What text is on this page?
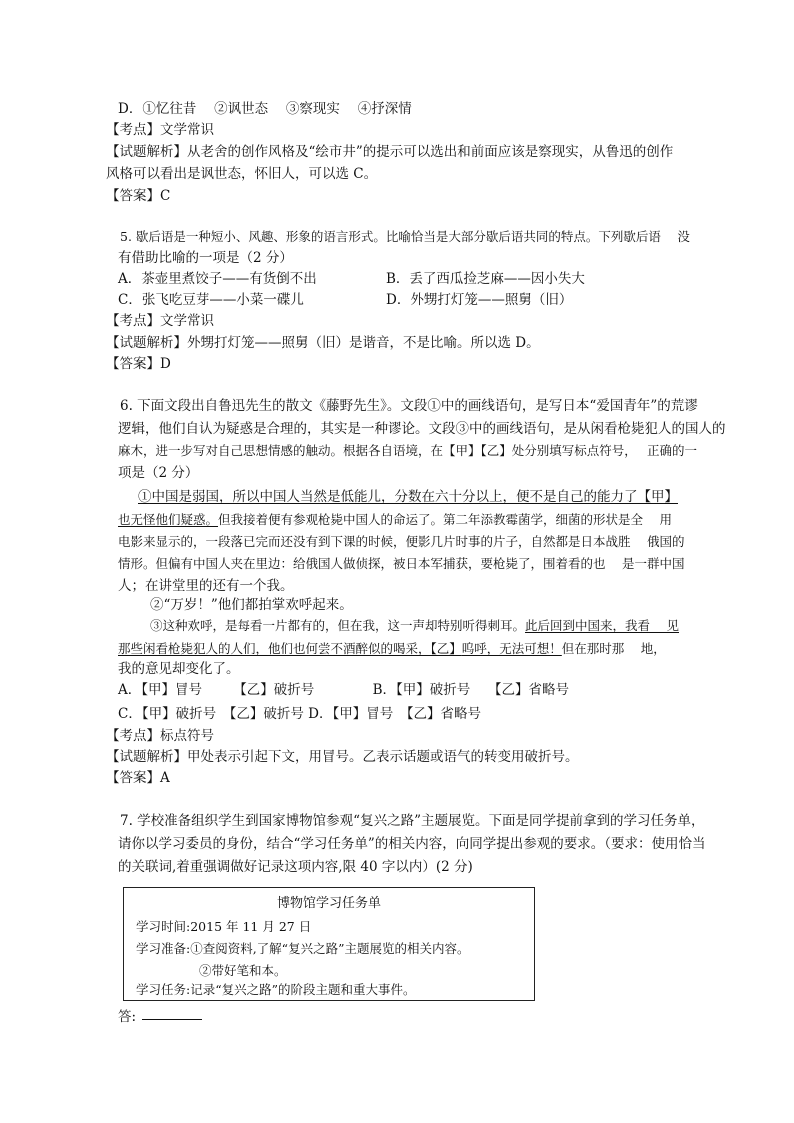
D．①忆往昔　 ②讽世态　 ③察现实　 ④抒深情
【考点】文学常识
【试题解析】从老舍的创作风格及“绘市井”的提示可以选出和前面应该是察现实，从鲁迅的创作
风格可以看出是讽世态，怀旧人，可以选 C。
【答案】C
5. 歇后语是一种短小、风趣、形象的语言形式。比喻恰当是大部分歇后语共同的特点。下列歇后语　 没
有借助比喻的一项是（2 分）
A．茶壶里煮饺子——有货倒不出	B．丢了西瓜捡芝麻——因小失大
C．张飞吃豆芽——小菜一碟儿	D．外甥打灯笼——照舅（旧）
【考点】文学常识
【试题解析】外甥打灯笼——照舅（旧）是谐音，不是比喻。所以选 D。
【答案】D
6. 下面文段出自鲁迅先生的散文《藤野先生》。文段①中的画线语句，是写日本“爱国青年”的荒谬
逻辑，他们自认为疑惑是合理的，其实是一种谬论。文段③中的画线语句，是从闲看枪毙犯人的国人的
麻木，进一步写对自己思想情感的触动。根据各自语境，在【甲】【乙】处分别填写标点符号，　 正确的一
项是（2 分）
①中国是弱国，所以中国人当然是低能儿，分数在六十分以上，便不是自己的能力了【甲】
也无怪他们疑惑。但我接着便有参观枪毙中国人的命运了。第二年添教霉菌学，细菌的形状是全　 用
电影来显示的，一段落已完而还没有到下课的时候，便影几片时事的片子，自然都是日本战胜　 俄国的
情形。但偏有中国人夹在里边：给俄国人做侦探，被日本军捕获，要枪毙了，围着看的也　 是一群中国
人；在讲堂里的还有一个我。
②“万岁！”他们都拍掌欢呼起来。
③这种欢呼，是每看一片都有的，但在我，这一声却特别听得刺耳。此后回到中国来，我看　 见
那些闲看枪毙犯人的人们，他们也何尝不酒醉似的喝采，【乙】呜呼，无法可想！但在那时那　 地，
我的意见却变化了。
A．【甲】冒号　　 【乙】破折号　　　　 B．【甲】破折号　 【乙】省略号
C．【甲】破折号　【乙】破折号 D．【甲】冒号　【乙】省略号
【考点】标点符号
【试题解析】甲处表示引起下文，用冒号。乙表示话题或语气的转变用破折号。
【答案】A
7. 学校准备组织学生到国家博物馆参观“复兴之路”主题展览。下面是同学提前拿到的学习任务单，
请你以学习委员的身份，结合“学习任务单”的相关内容，向同学提出参观的要求。（要求：使用恰当
的关联词,着重强调做好记录这项内容,限 40 字以内）(2 分)
博物馆学习任务单
学习时间:2015 年 11 月 27 日
学习准备:①查阅资料,了解“复兴之路”主题展览的相关内容。
②带好笔和本。
学习任务:记录“复兴之路”的阶段主题和重大事件。
答:
